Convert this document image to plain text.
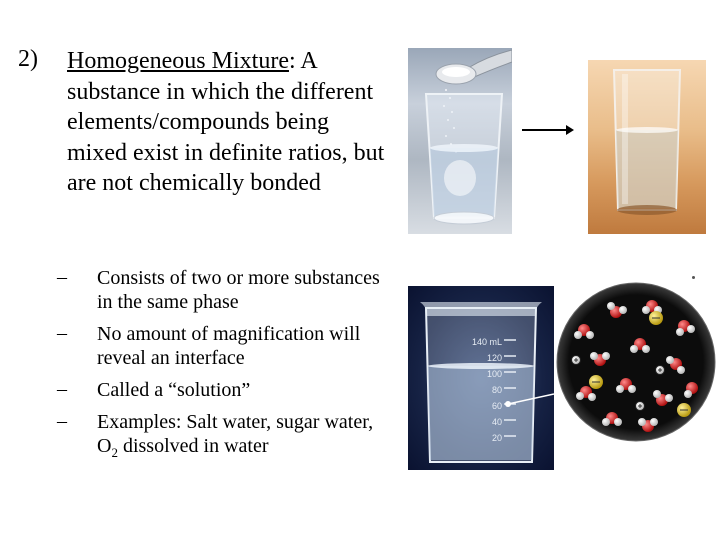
2) Homogeneous Mixture: A substance in which the different elements/compounds being mixed exist in definite ratios, but are not chemically bonded
– Consists of two or more substances in the same phase
– No amount of magnification will reveal an interface
– Called a “solution”
– Examples: Salt water, sugar water, $O_2$ dissolved in water
140 mL
120
100
80
60
40
20
